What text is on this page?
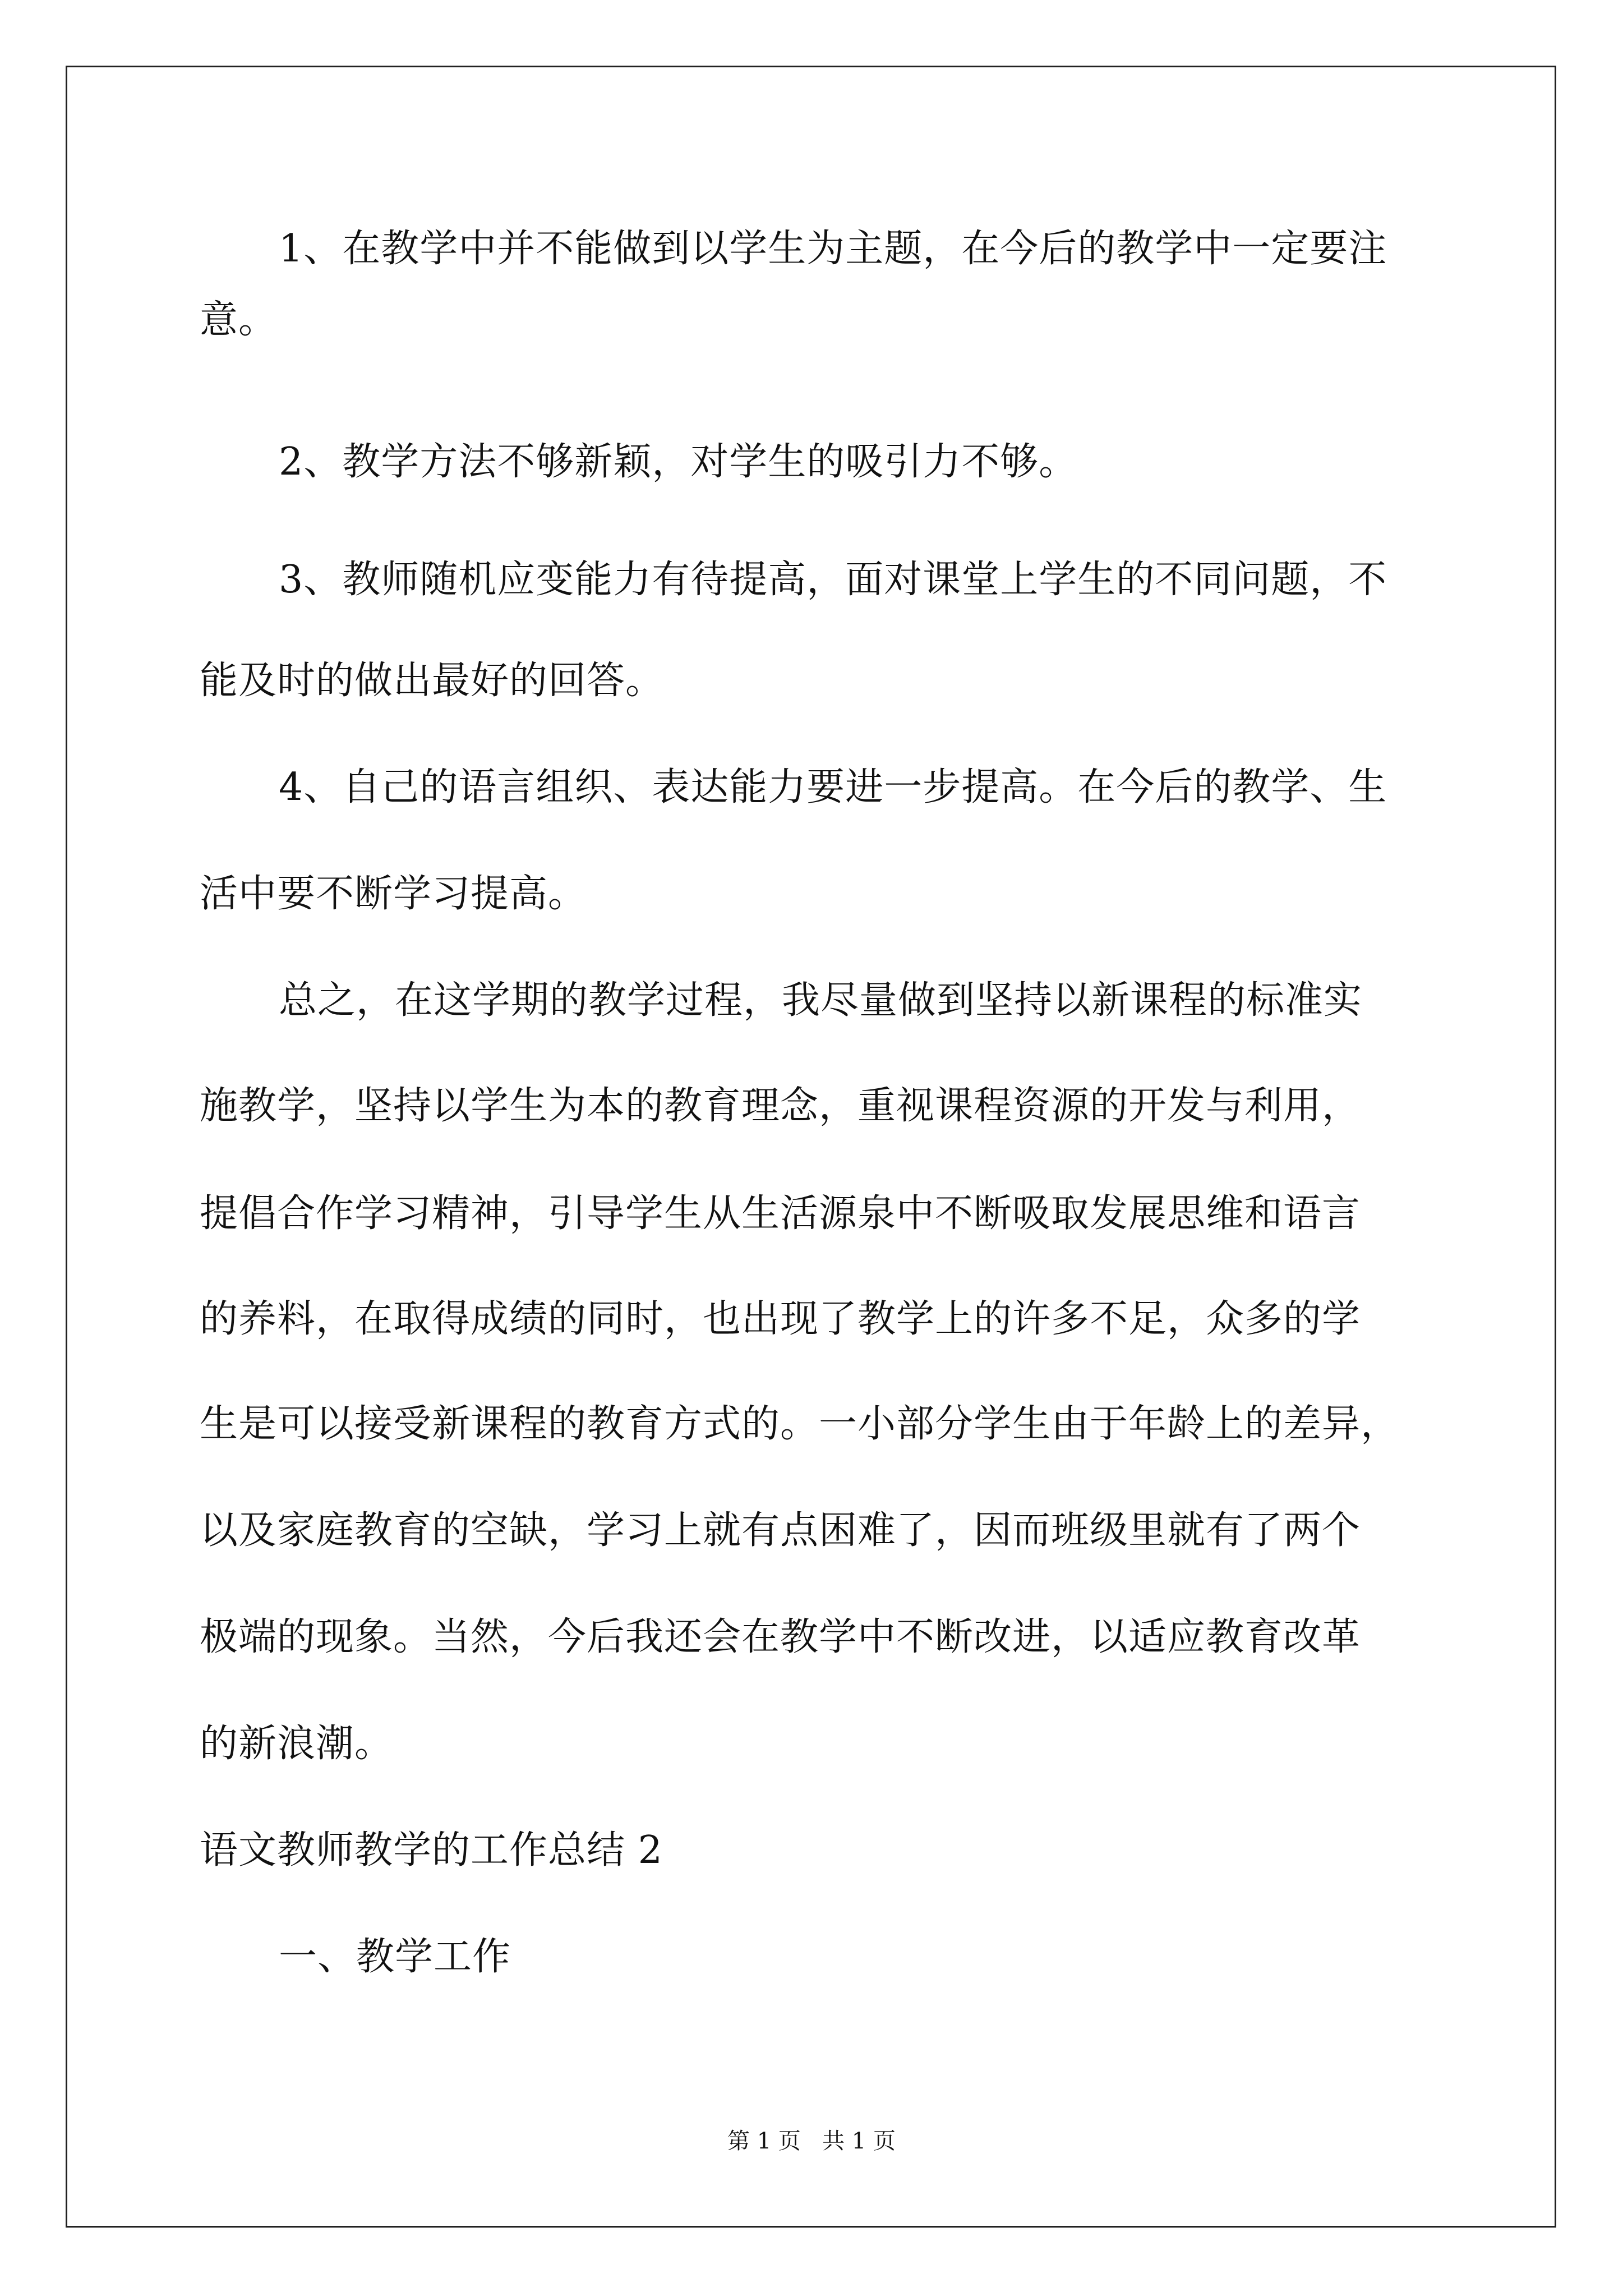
1、在教学中并不能做到以学生为主题，在今后的教学中一定要注

意。

2、教学方法不够新颖，对学生的吸引力不够。

3、教师随机应变能力有待提高，面对课堂上学生的不同问题，不

能及时的做出最好的回答。

4、自己的语言组织、表达能力要进一步提高。在今后的教学、生

活中要不断学习提高。

总之，在这学期的教学过程，我尽量做到坚持以新课程的标准实

施教学，坚持以学生为本的教育理念，重视课程资源的开发与利用，

提倡合作学习精神，引导学生从生活源泉中不断吸取发展思维和语言

的养料，在取得成绩的同时，也出现了教学上的许多不足，众多的学

生是可以接受新课程的教育方式的。一小部分学生由于年龄上的差异，

以及家庭教育的空缺，学习上就有点困难了，因而班级里就有了两个

极端的现象。当然，今后我还会在教学中不断改进，以适应教育改革

的新浪潮。

语文教师教学的工作总结 2

一、教学工作

第 1 页   共 1 页
